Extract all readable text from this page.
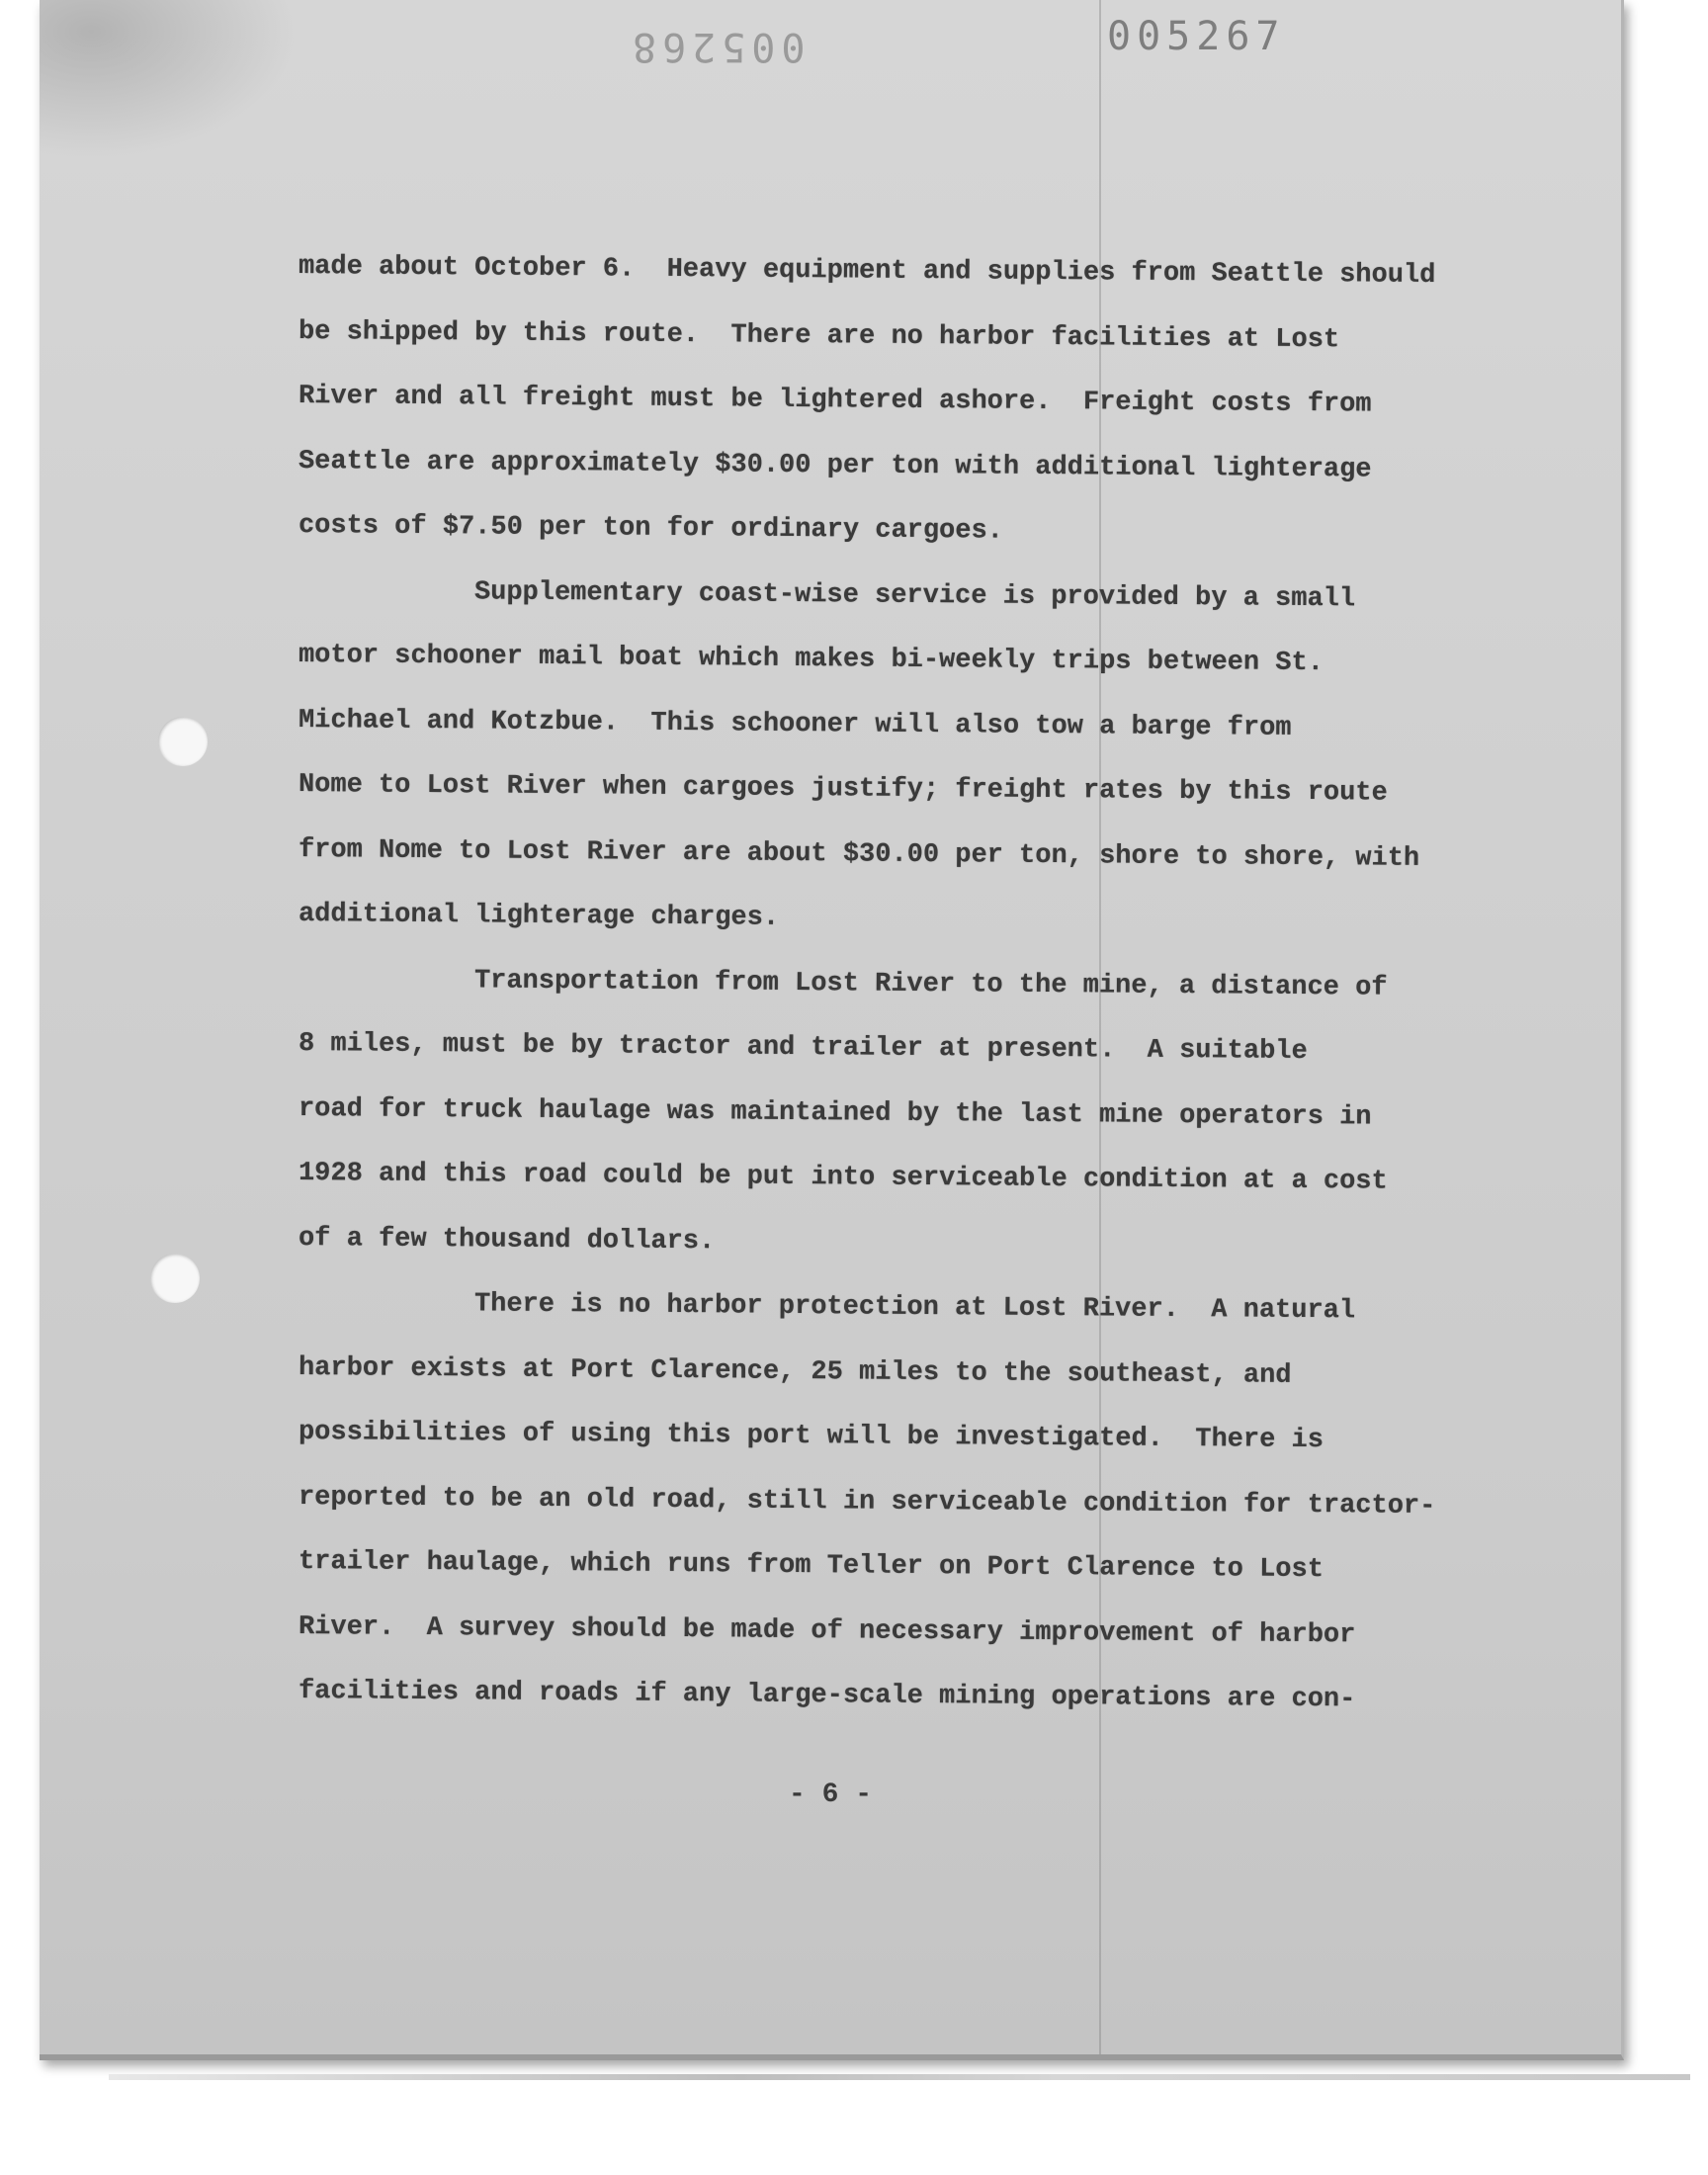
005268	005267
made about October 6.  Heavy equipment and supplies from Seattle should
be shipped by this route.  There are no harbor facilities at Lost
River and all freight must be lightered ashore.  Freight costs from
Seattle are approximately $30.00 per ton with additional lighterage
costs of $7.50 per ton for ordinary cargoes.
Supplementary coast-wise service is provided by a small
motor schooner mail boat which makes bi-weekly trips between St.
Michael and Kotzbue.  This schooner will also tow a barge from
Nome to Lost River when cargoes justify; freight rates by this route
from Nome to Lost River are about $30.00 per ton, shore to shore, with
additional lighterage charges.
Transportation from Lost River to the mine, a distance of
8 miles, must be by tractor and trailer at present.  A suitable
road for truck haulage was maintained by the last mine operators in
1928 and this road could be put into serviceable condition at a cost
of a few thousand dollars.
There is no harbor protection at Lost River.  A natural
harbor exists at Port Clarence, 25 miles to the southeast, and
possibilities of using this port will be investigated.  There is
reported to be an old road, still in serviceable condition for tractor-
trailer haulage, which runs from Teller on Port Clarence to Lost
River.  A survey should be made of necessary improvement of harbor
facilities and roads if any large-scale mining operations are con-
- 6 -
